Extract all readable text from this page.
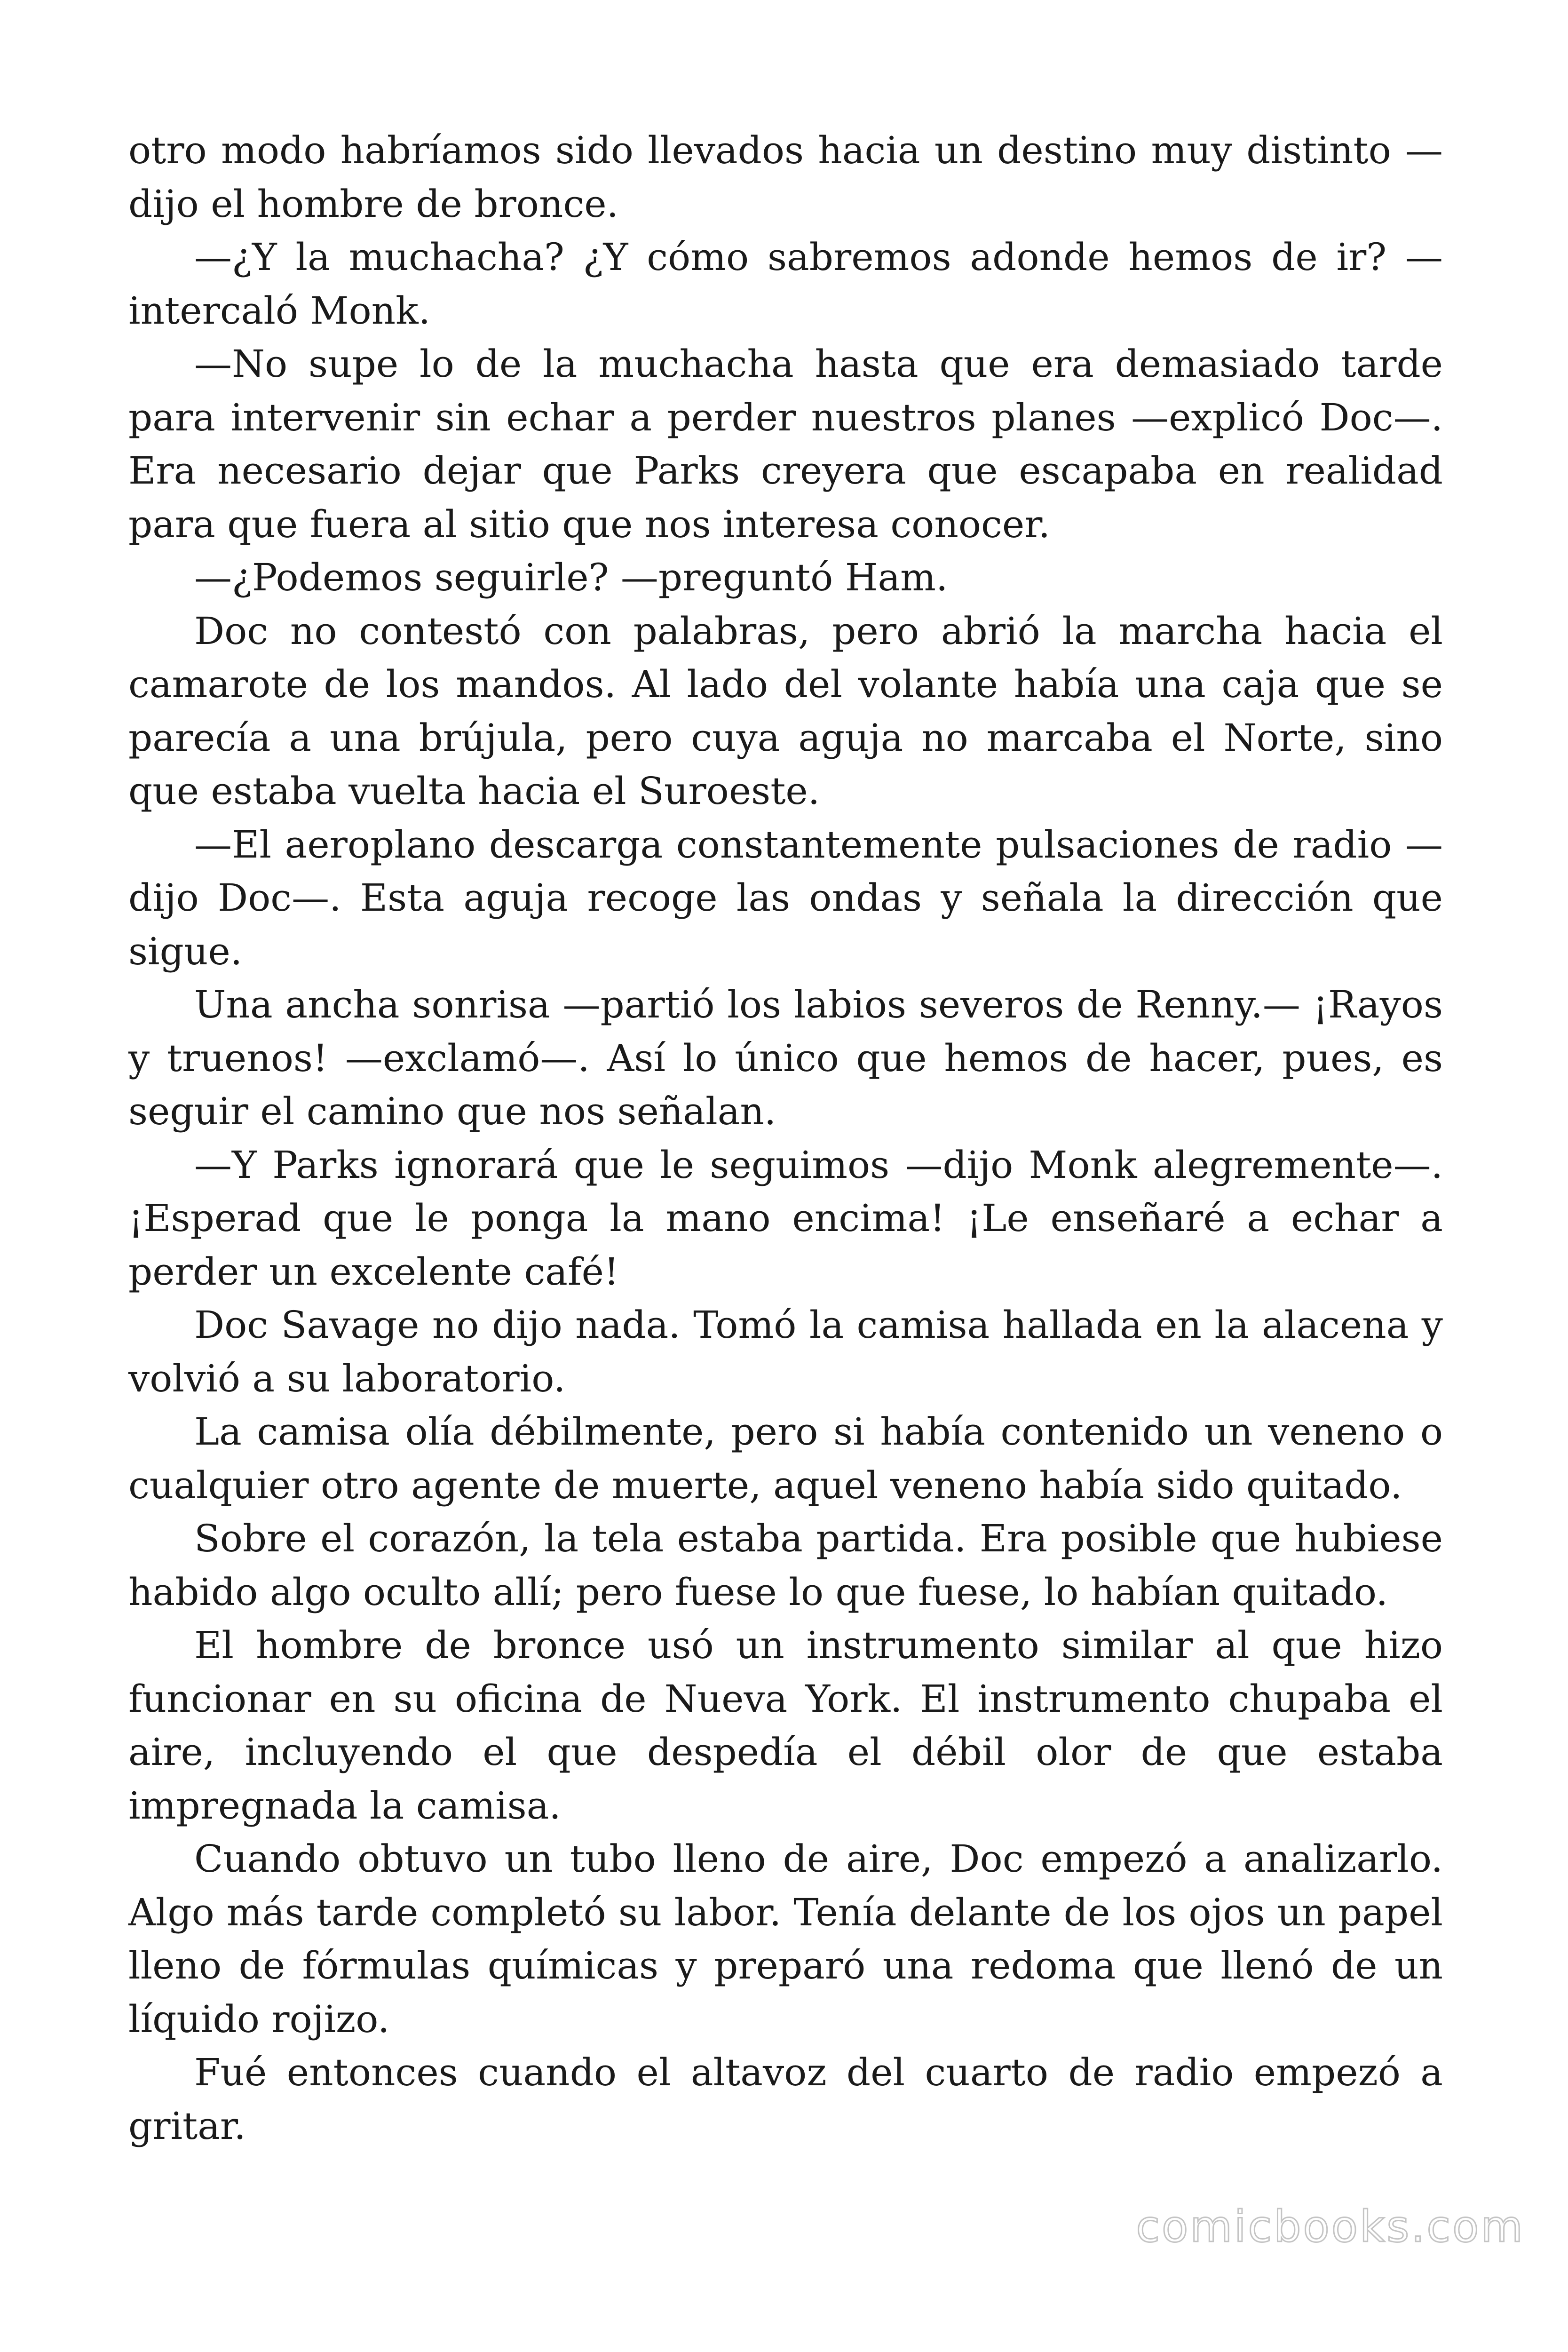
otro modo habríamos sido llevados hacia un destino muy distinto —dijo el hombre de bronce.

—¿Y la muchacha? ¿Y cómo sabremos adonde hemos de ir? —intercaló Monk.

—No supe lo de la muchacha hasta que era demasiado tarde para intervenir sin echar a perder nuestros planes —explicó Doc—. Era necesario dejar que Parks creyera que escapaba en realidad para que fuera al sitio que nos interesa conocer.

—¿Podemos seguirle? —preguntó Ham.

Doc no contestó con palabras, pero abrió la marcha hacia el camarote de los mandos. Al lado del volante había una caja que se parecía a una brújula, pero cuya aguja no marcaba el Norte, sino que estaba vuelta hacia el Suroeste.

—El aeroplano descarga constantemente pulsaciones de radio —dijo Doc—. Esta aguja recoge las ondas y señala la dirección que sigue.

Una ancha sonrisa —partió los labios severos de Renny.— ¡Rayos y truenos! —exclamó—. Así lo único que hemos de hacer, pues, es seguir el camino que nos señalan.

—Y Parks ignorará que le seguimos —dijo Monk alegremente—. ¡Esperad que le ponga la mano encima! ¡Le enseñaré a echar a perder un excelente café!

Doc Savage no dijo nada. Tomó la camisa hallada en la alacena y volvió a su laboratorio.

La camisa olía débilmente, pero si había contenido un veneno o cualquier otro agente de muerte, aquel veneno había sido quitado.

Sobre el corazón, la tela estaba partida. Era posible que hubiese habido algo oculto allí; pero fuese lo que fuese, lo habían quitado.

El hombre de bronce usó un instrumento similar al que hizo funcionar en su oficina de Nueva York. El instrumento chupaba el aire, incluyendo el que despedía el débil olor de que estaba impregnada la camisa.

Cuando obtuvo un tubo lleno de aire, Doc empezó a analizarlo. Algo más tarde completó su labor. Tenía delante de los ojos un papel lleno de fórmulas químicas y preparó una redoma que llenó de un líquido rojizo.

Fué entonces cuando el altavoz del cuarto de radio empezó a gritar.

comicbooks.com
